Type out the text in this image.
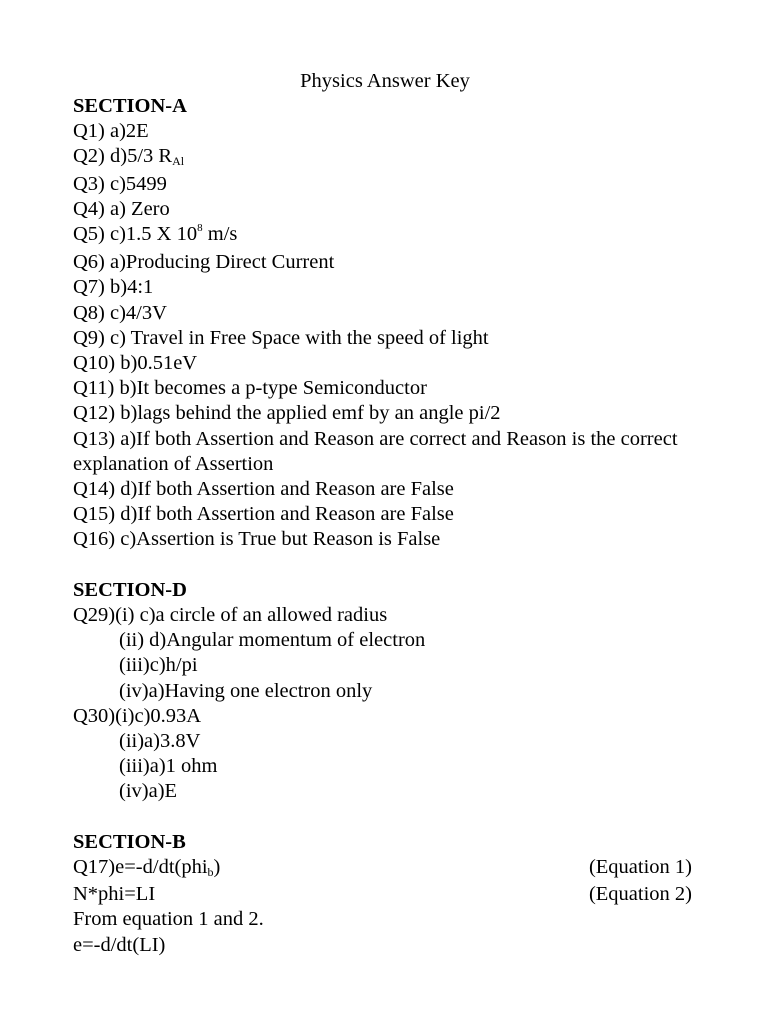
Physics Answer Key
SECTION-A
Q1) a)2E
Q2) d)5/3 $R_{Al}$
Q3) c)5499
Q4) a) Zero
Q5) c)1.5 X $10^8$ m/s
Q6) a)Producing Direct Current
Q7) b)4:1
Q8) c)4/3V
Q9) c) Travel in Free Space with the speed of light
Q10) b)0.51eV
Q11) b)It becomes a p-type Semiconductor
Q12) b)lags behind the applied emf by an angle pi/2
Q13) a)If both Assertion and Reason are correct and Reason is the correct explanation of Assertion
Q14) d)If both Assertion and Reason are False
Q15) d)If both Assertion and Reason are False
Q16) c)Assertion is True but Reason is False
SECTION-D
Q29)(i) c)a circle of an allowed radius
(ii) d)Angular momentum of electron
(iii)c)h/pi
(iv)a)Having one electron only
Q30)(i)c)0.93A
(ii)a)3.8V
(iii)a)1 ohm
(iv)a)E
SECTION-B
Q17)e=-d/dt(phi$_b$)	(Equation 1)
N*phi=LI	(Equation 2)
From equation 1 and 2.
e=-d/dt(LI)
